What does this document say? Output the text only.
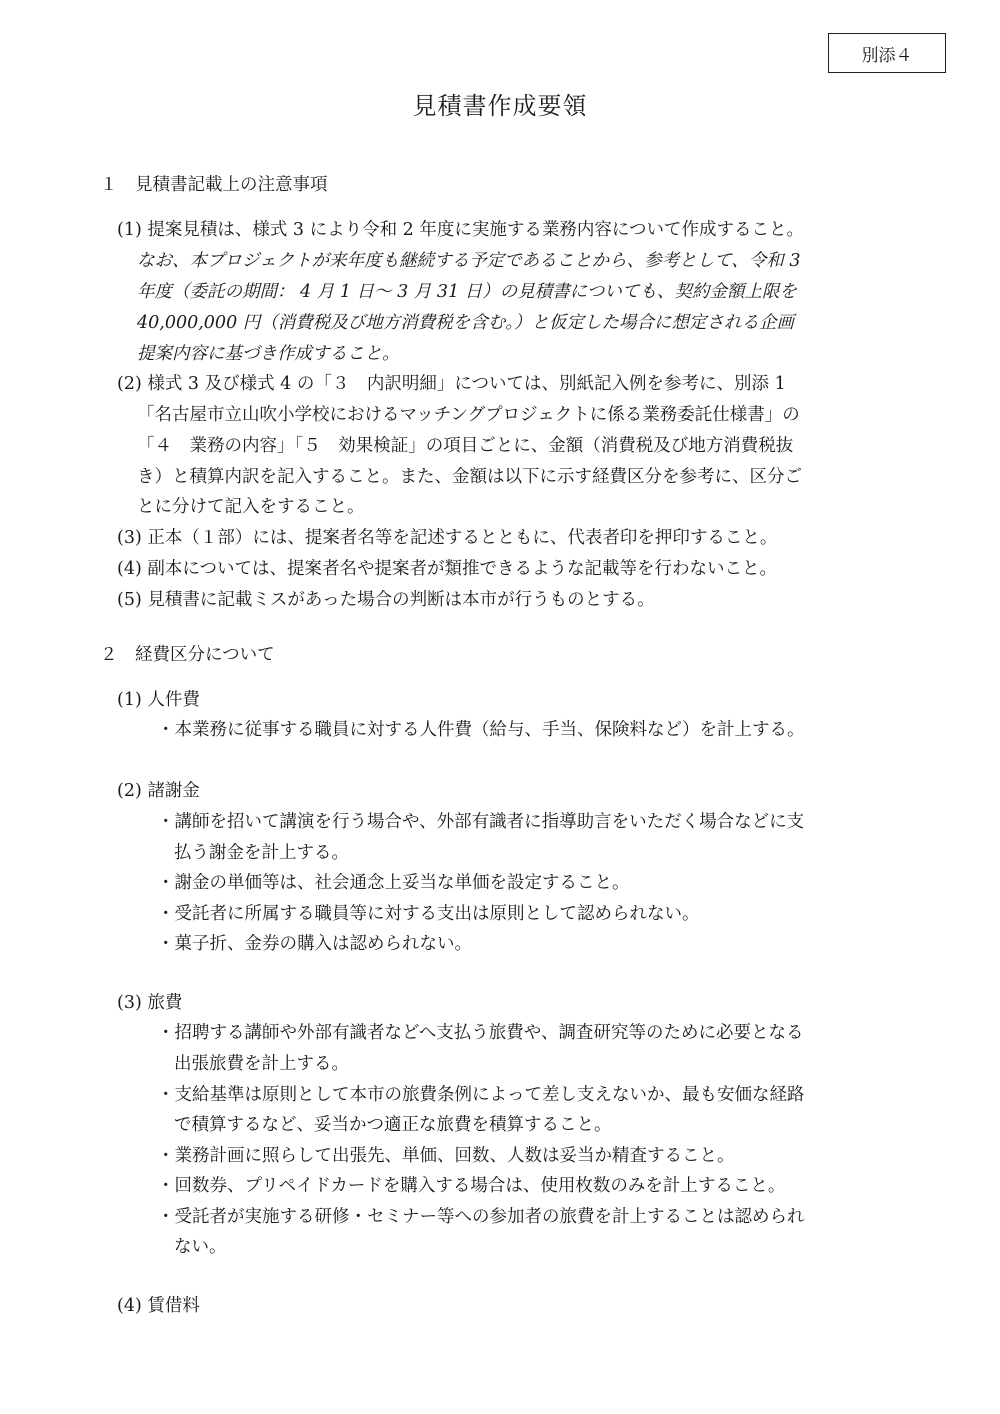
別添４
見積書作成要領
１　見積書記載上の注意事項
(1) 提案見積は、様式 3 により令和 2 年度に実施する業務内容について作成すること。
なお、本プロジェクトが来年度も継続する予定であることから、参考として、令和 3
年度（委託の期間： 4 月 1 日～ 3 月 31 日）の見積書についても、契約金額上限を
40,000,000 円（消費税及び地方消費税を含む。）と仮定した場合に想定される企画
提案内容に基づき作成すること。
(2) 様式 3 及び様式 4 の「３　内訳明細」については、別紙記入例を参考に、別添 1
「名古屋市立山吹小学校におけるマッチングプロジェクトに係る業務委託仕様書」の
「４　業務の内容」「５　効果検証」の項目ごとに、金額（消費税及び地方消費税抜
き）と積算内訳を記入すること。また、金額は以下に示す経費区分を参考に、区分ご
とに分けて記入をすること。
(3) 正本（１部）には、提案者名等を記述するとともに、代表者印を押印すること。
(4) 副本については、提案者名や提案者が類推できるような記載等を行わないこと。
(5) 見積書に記載ミスがあった場合の判断は本市が行うものとする。
２　経費区分について
(1) 人件費
・本業務に従事する職員に対する人件費（給与、手当、保険料など）を計上する。
(2) 諸謝金
・講師を招いて講演を行う場合や、外部有識者に指導助言をいただく場合などに支
払う謝金を計上する。
・謝金の単価等は、社会通念上妥当な単価を設定すること。
・受託者に所属する職員等に対する支出は原則として認められない。
・菓子折、金券の購入は認められない。
(3) 旅費
・招聘する講師や外部有識者などへ支払う旅費や、調査研究等のために必要となる
出張旅費を計上する。
・支給基準は原則として本市の旅費条例によって差し支えないか、最も安価な経路
で積算するなど、妥当かつ適正な旅費を積算すること。
・業務計画に照らして出張先、単価、回数、人数は妥当か精査すること。
・回数券、プリペイドカードを購入する場合は、使用枚数のみを計上すること。
・受託者が実施する研修・セミナー等への参加者の旅費を計上することは認められ
ない。
(4) 賃借料
